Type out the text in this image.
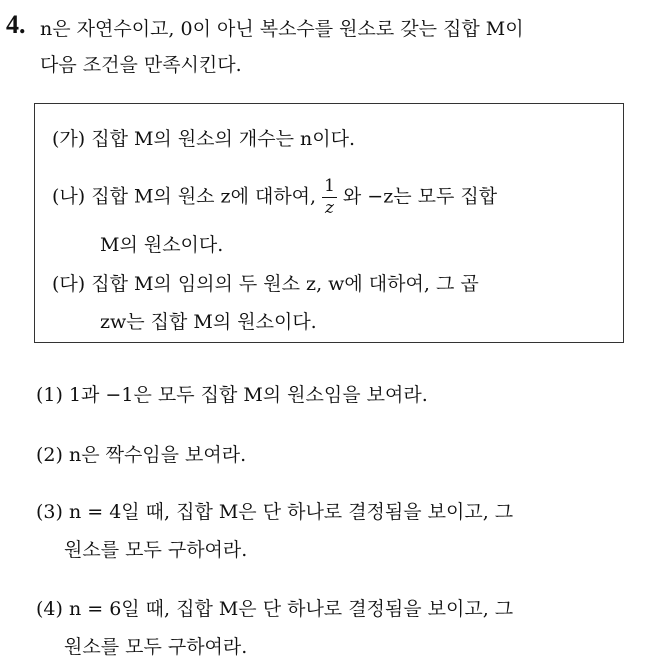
4. n은 자연수이고, 0이 아닌 복소수를 원소로 갖는 집합 M이
다음 조건을 만족시킨다.
(가) 집합 M의 원소의 개수는 n이다.
(나) 집합 M의 원소 z에 대하여, $\frac{1}{z}$ 와 −z는 모두 집합
M의 원소이다.
(다) 집합 M의 임의의 두 원소 z, w에 대하여, 그 곱
zw는 집합 M의 원소이다.
(1) 1과 −1은 모두 집합 M의 원소임을 보여라.
(2) n은 짝수임을 보여라.
(3) n = 4일 때, 집합 M은 단 하나로 결정됨을 보이고, 그
원소를 모두 구하여라.
(4) n = 6일 때, 집합 M은 단 하나로 결정됨을 보이고, 그
원소를 모두 구하여라.
